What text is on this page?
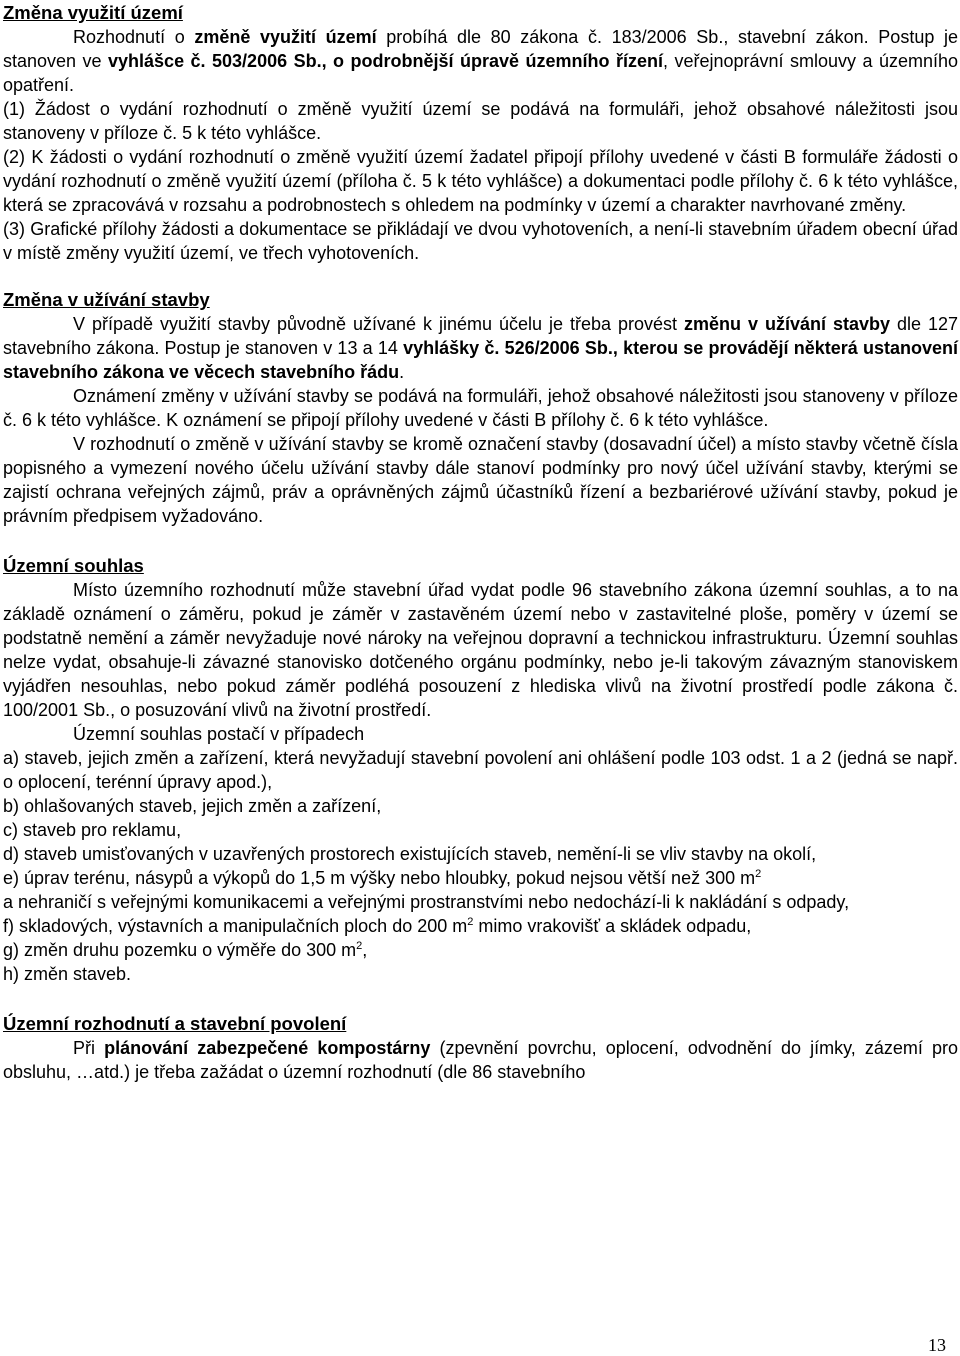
Změna využití území

Rozhodnutí o změně využití území probíhá dle 80 zákona č. 183/2006 Sb., stavební zákon. Postup je stanoven ve vyhlášce č. 503/2006 Sb., o podrobnější úpravě územního řízení, veřejnoprávní smlouvy a územního opatření.

(1) Žádost o vydání rozhodnutí o změně využití území se podává na formuláři, jehož obsahové náležitosti jsou stanoveny v příloze č. 5 k této vyhlášce.

(2) K žádosti o vydání rozhodnutí o změně využití území žadatel připojí přílohy uvedené v části B formuláře žádosti o vydání rozhodnutí o změně využití území (příloha č. 5 k této vyhlášce) a dokumentaci podle přílohy č. 6 k této vyhlášce, která se zpracovává v rozsahu a podrobnostech s ohledem na podmínky v území a charakter navrhované změny.

(3) Grafické přílohy žádosti a dokumentace se přikládají ve dvou vyhotoveních, a není-li stavebním úřadem obecní úřad v místě změny využití území, ve třech vyhotoveních.

Změna v užívání stavby

V případě využití stavby původně užívané k jinému účelu je třeba provést změnu v užívání stavby dle 127 stavebního zákona. Postup je stanoven v 13 a 14 vyhlášky č. 526/2006 Sb., kterou se provádějí některá ustanovení stavebního zákona ve věcech stavebního řádu.

Oznámení změny v užívání stavby se podává na formuláři, jehož obsahové náležitosti jsou stanoveny v příloze č. 6 k této vyhlášce. K oznámení se připojí přílohy uvedené v části B přílohy č. 6 k této vyhlášce.

V rozhodnutí o změně v užívání stavby se kromě označení stavby (dosavadní účel) a místo stavby včetně čísla popisného a vymezení nového účelu užívání stavby dále stanoví podmínky pro nový účel užívání stavby, kterými se zajistí ochrana veřejných zájmů, práv a oprávněných zájmů účastníků řízení a bezbariérové užívání stavby, pokud je právním předpisem vyžadováno.

Územní souhlas

Místo územního rozhodnutí může stavební úřad vydat podle 96 stavebního zákona územní souhlas, a to na základě oznámení o záměru, pokud je záměr v zastavěném území nebo v zastavitelné ploše, poměry v území se podstatně nemění a záměr nevyžaduje nové nároky na veřejnou dopravní a technickou infrastrukturu. Územní souhlas nelze vydat, obsahuje-li závazné stanovisko dotčeného orgánu podmínky, nebo je-li takovým závazným stanoviskem vyjádřen nesouhlas, nebo pokud záměr podléhá posouzení z hlediska vlivů na životní prostředí podle zákona č. 100/2001 Sb., o posuzování vlivů na životní prostředí.

Územní souhlas postačí v případech

a) staveb, jejich změn a zařízení, která nevyžadují stavební povolení ani ohlášení podle 103 odst. 1 a 2 (jedná se např. o oplocení, terénní úpravy apod.),

b) ohlašovaných staveb, jejich změn a zařízení,

c) staveb pro reklamu,

d) staveb umisťovaných v uzavřených prostorech existujících staveb, nemění-li se vliv stavby na okolí,

e) úprav terénu, násypů a výkopů do 1,5 m výšky nebo hloubky, pokud nejsou větší než 300 $m^2$
a nehraničí s veřejnými komunikacemi a veřejnými prostranstvími nebo nedochází-li k nakládání s odpady,

f) skladových, výstavních a manipulačních ploch do 200 $m^2$ mimo vrakovišť a skládek odpadu,

g) změn druhu pozemku o výměře do 300 $m^2$,

h) změn staveb.

Územní rozhodnutí a stavební povolení

Při plánování zabezpečené kompostárny (zpevnění povrchu, oplocení, odvodnění do jímky, zázemí pro obsluhu, …atd.) je třeba zažádat o územní rozhodnutí (dle 86 stavebního

13
